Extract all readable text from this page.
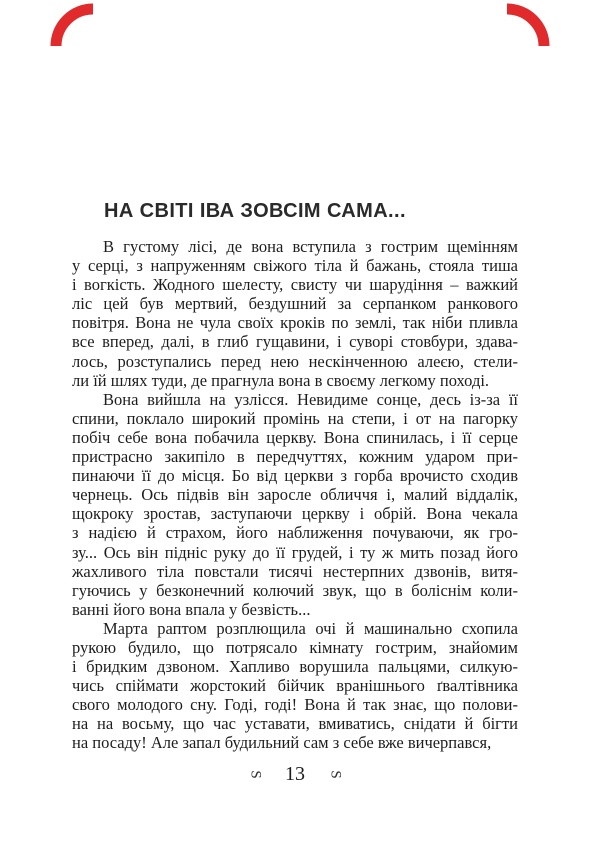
НА СВІТІ ІВА ЗОВСІМ САМА...
В густому лісі, де вона вступила з гострим щемінням
у серці, з напруженням свіжого тіла й бажань, стояла тиша
і вогкість. Жодного шелесту, свисту чи шарудіння – важкий
ліс цей був мертвий, бездушний за серпанком ранкового
повітря. Вона не чула своїх кроків по землі, так ніби пливла
все вперед, далі, в глиб гущавини, і суворі стовбури, здава-
лось, розступались перед нею нескінченною алеєю, стели-
ли їй шлях туди, де прагнула вона в своєму легкому поході.
Вона вийшла на узлісся. Невидиме сонце, десь із-за її
спини, поклало широкий промінь на степи, і от на пагорку
побіч себе вона побачила церкву. Вона спинилась, і її серце
пристрасно закипіло в передчуттях, кожним ударом при-
пинаючи її до місця. Бо від церкви з горба врочисто сходив
чернець. Ось підвів він заросле обличчя і, малий віддалік,
щокроку зростав, заступаючи церкву і обрій. Вона чекала
з надією й страхом, його наближення почуваючи, як гро-
зу... Ось він підніс руку до її грудей, і ту ж мить позад його
жахливого тіла повстали тисячі нестерпних дзвонів, витя-
гуючись у безконечний колючий звук, що в боліснім коли-
ванні його вона впала у безвість...
Марта раптом розплющила очі й машинально схопила
рукою будило, що потрясало кімнату гострим, знайомим
і бридким дзвоном. Хапливо ворушила пальцями, силкую-
чись спіймати жорстокий бійчик вранішнього ґвалтівника
свого молодого сну. Годі, годі! Вона й так знає, що полови-
на на восьму, що час уставати, вмиватись, снідати й бігти
на посаду! Але запал будильний сам з себе вже вичерпався,
S 13 S
